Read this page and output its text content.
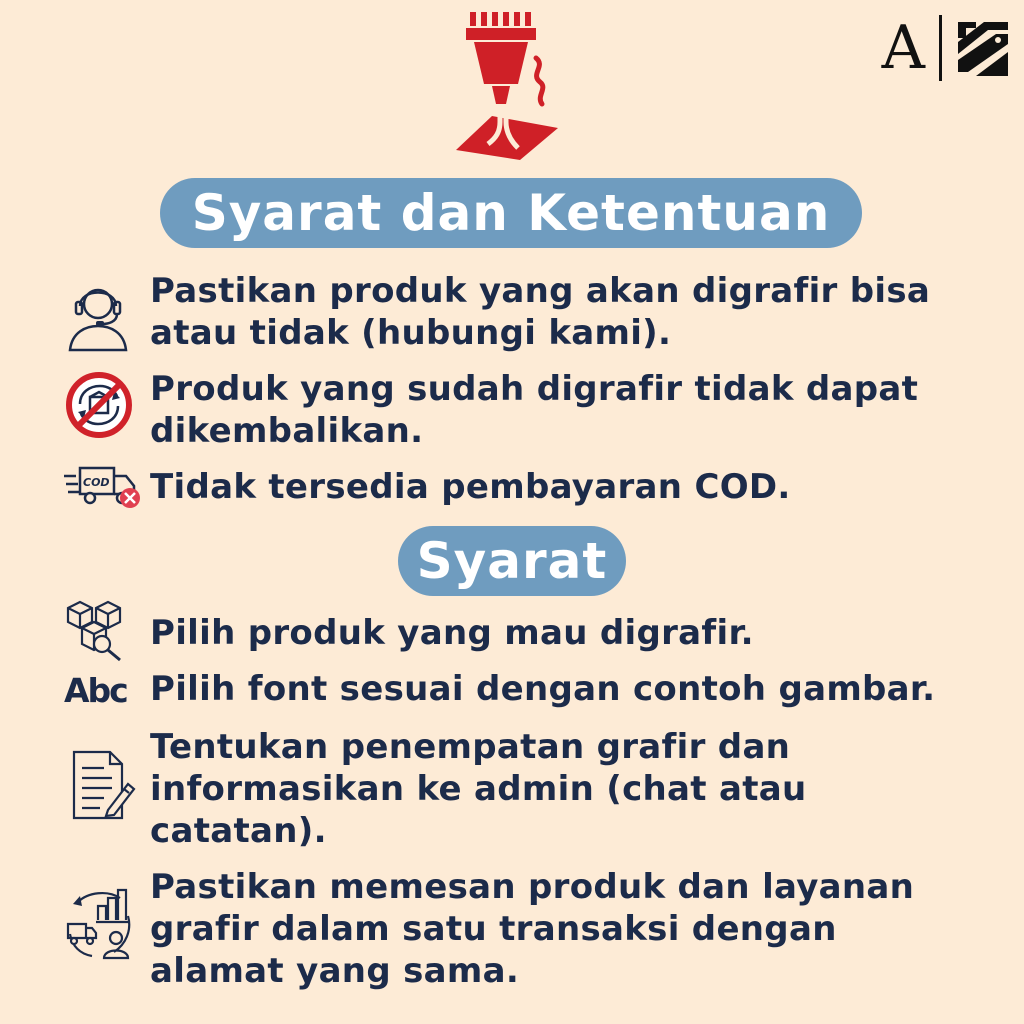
A
Syarat dan Ketentuan
Pastikan produk yang akan digrafir bisa atau tidak (hubungi kami).
Produk yang sudah digrafir tidak dapat dikembalikan.
COD Tidak tersedia pembayaran COD.
Syarat
Pilih produk yang mau digrafir.
Abc Pilih font sesuai dengan contoh gambar.
Tentukan penempatan grafir dan informasikan ke admin (chat atau catatan).
Pastikan memesan produk dan layanan grafir dalam satu transaksi dengan alamat yang sama.
